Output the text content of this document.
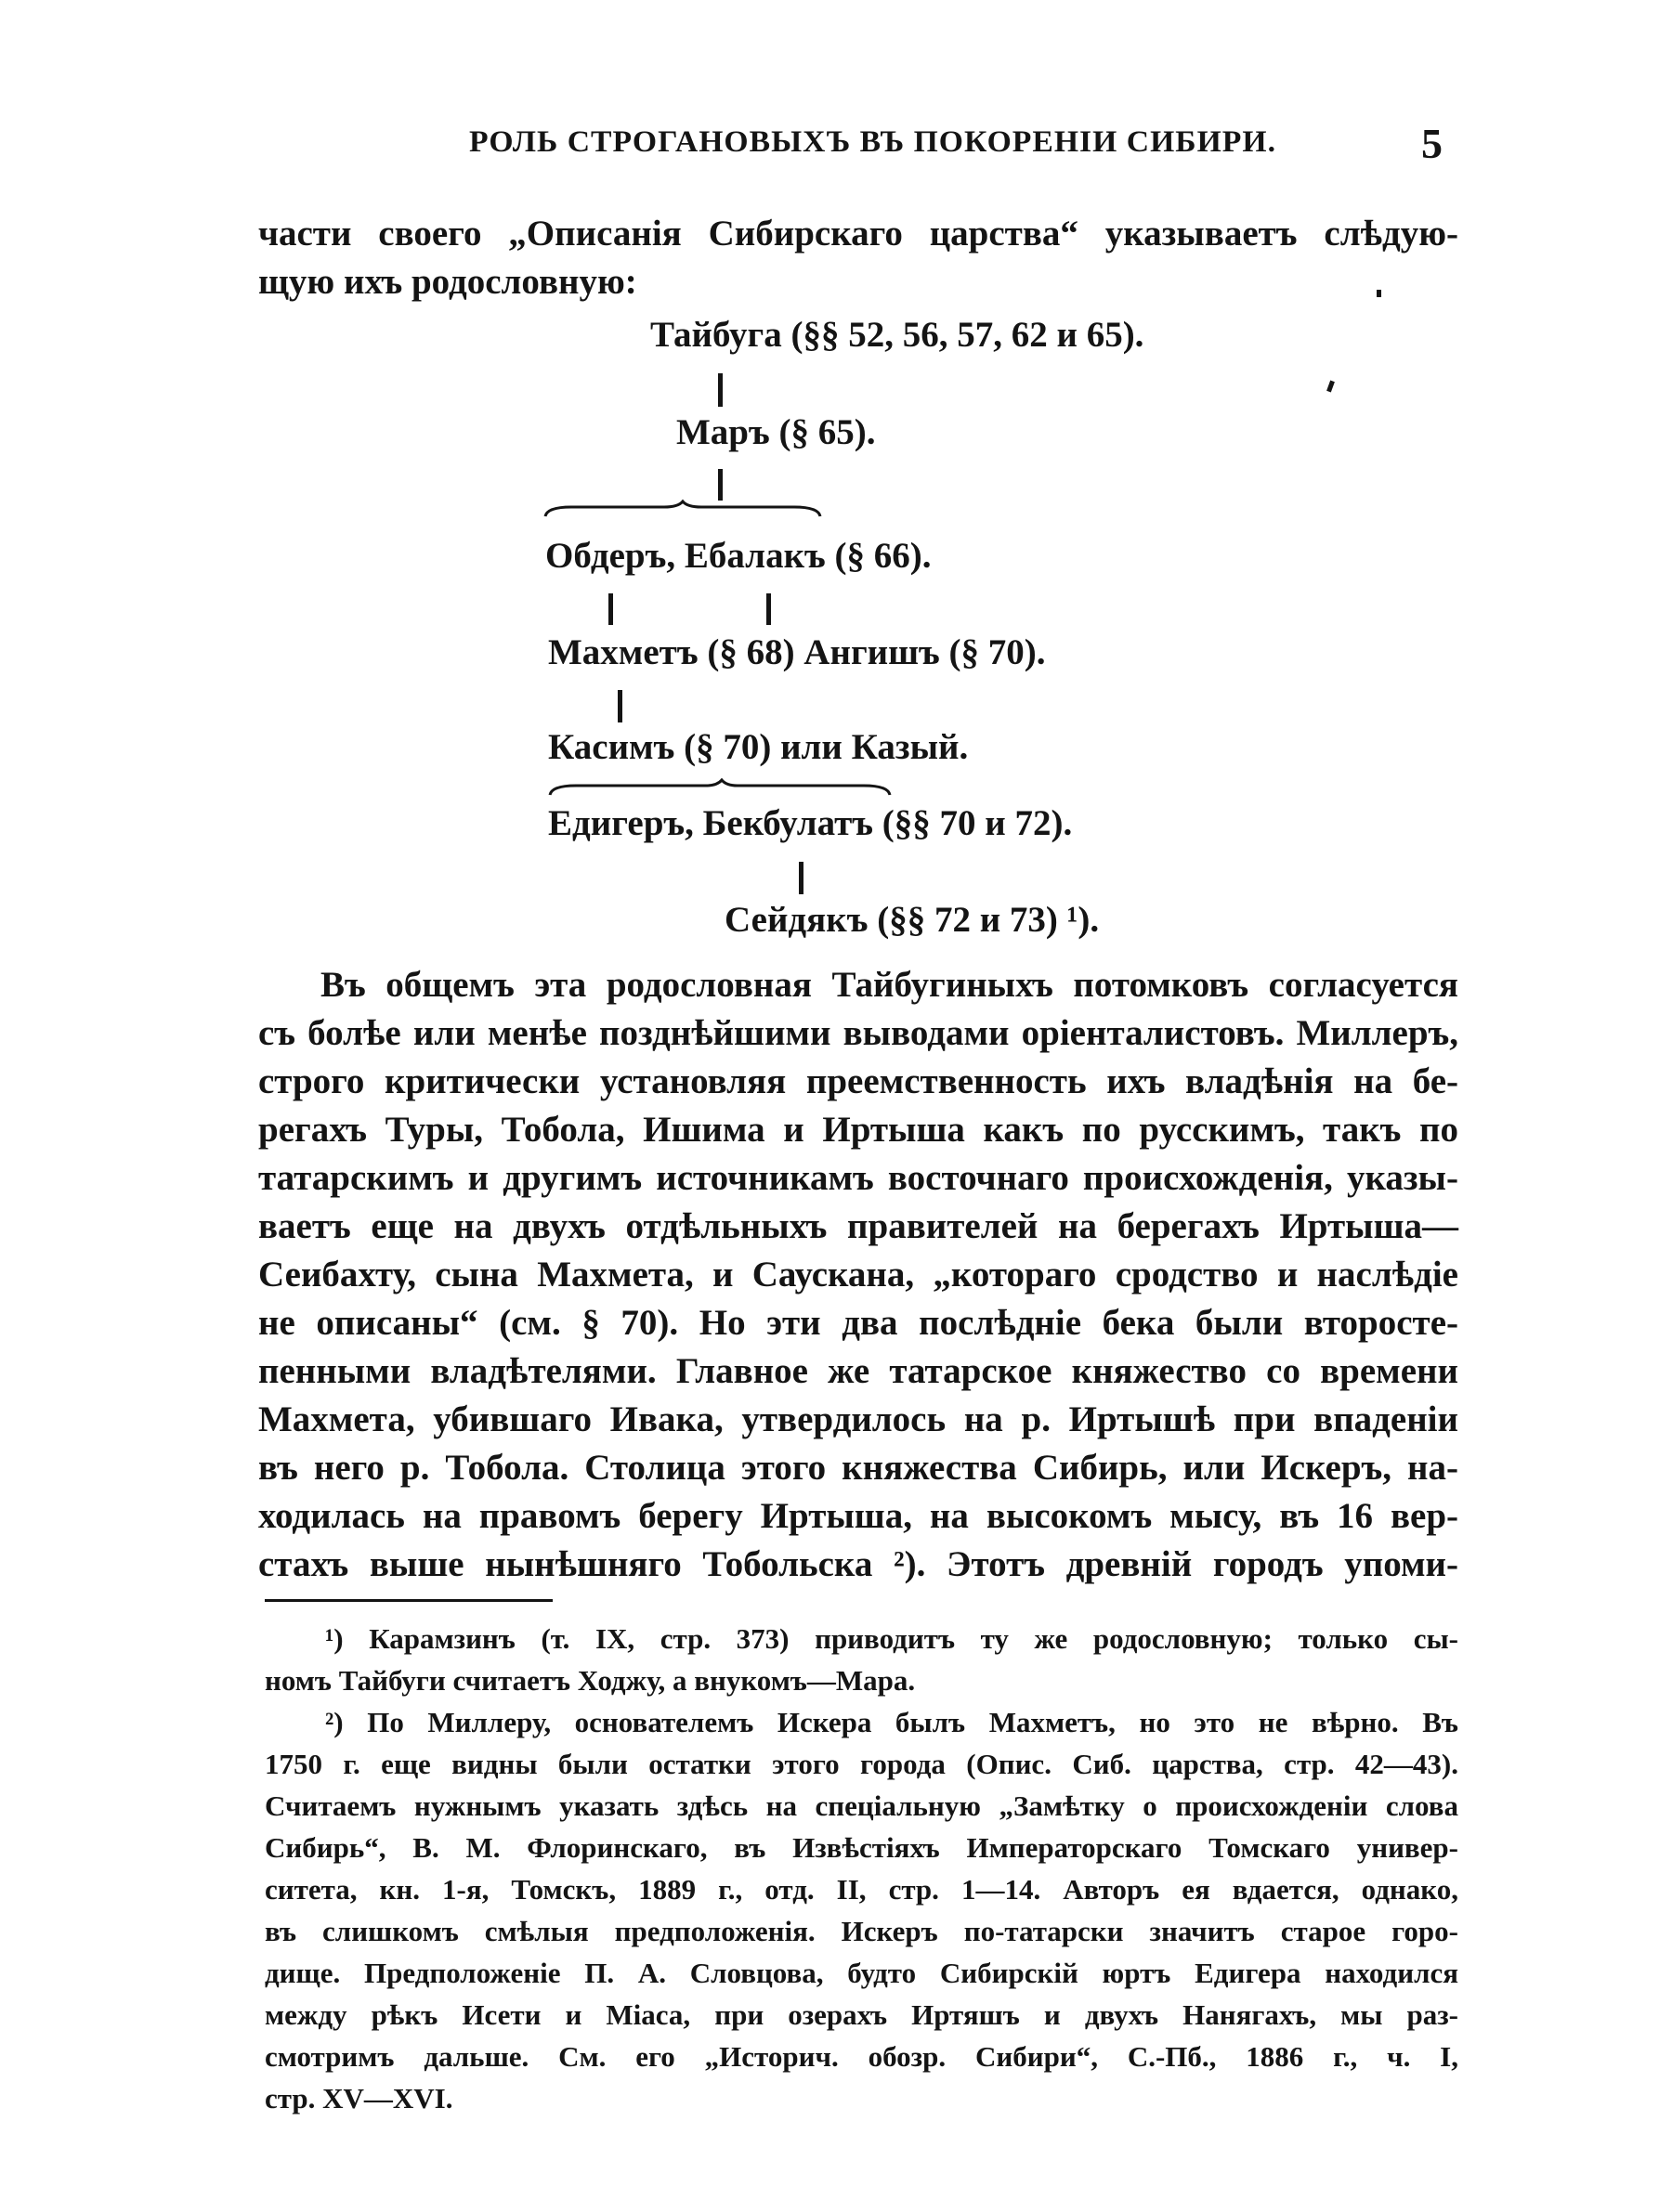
РОЛЬ СТРОГАНОВЫХЪ ВЪ ПОКОРЕНІИ СИБИРИ.	5
части своего „Описанія Сибирскаго царства“ указываетъ слѣдую-
щую ихъ родословную:
Тайбуга (§§ 52, 56, 57, 62 и 65).
Маръ (§ 65).
Обдеръ, Ебалакъ (§ 66).
Махметъ (§ 68) Ангишъ (§ 70).
Касимъ (§ 70) или Казый.
Едигеръ, Бекбулатъ (§§ 70 и 72).
Сейдякъ (§§ 72 и 73) ¹).
Въ общемъ эта родословная Тайбугиныхъ потомковъ согласуется
съ болѣе или менѣе позднѣйшими выводами оріенталистовъ. Миллеръ,
строго критически установляя преемственность ихъ владѣнія на бе-
регахъ Туры, Тобола, Ишима и Иртыша какъ по русскимъ, такъ по
татарскимъ и другимъ источникамъ восточнаго происхожденія, указы-
ваетъ еще на двухъ отдѣльныхъ правителей на берегахъ Иртыша—
Сеибахту, сына Махмета, и Саускана, „котораго сродство и наслѣдіе
не описаны“ (см. § 70). Но эти два послѣдніе бека были второсте-
пенными владѣтелями. Главное же татарское княжество со времени
Махмета, убившаго Ивака, утвердилось на р. Иртышѣ при впаденіи
въ него р. Тобола. Столица этого княжества Сибирь, или Искеръ, на-
ходилась на правомъ берегу Иртыша, на высокомъ мысу, въ 16 вер-
стахъ выше нынѣшняго Тобольска ²). Этотъ древній городъ упоми-
¹) Карамзинъ (т. IX, стр. 373) приводитъ ту же родословную; только сы-
номъ Тайбуги считаетъ Ходжу, а внукомъ—Мара.
²) По Миллеру, основателемъ Искера былъ Махметъ, но это не вѣрно. Въ
1750 г. еще видны были остатки этого города (Опис. Сиб. царства, стр. 42—43).
Считаемъ нужнымъ указать здѣсь на спеціальную „Замѣтку о происхожденіи слова
Сибирь“, В. М. Флоринскаго, въ Извѣстіяхъ Императорскаго Томскаго универ-
ситета, кн. 1-я, Томскъ, 1889 г., отд. II, стр. 1—14. Авторъ ея вдается, однако,
въ слишкомъ смѣлыя предположенія. Искеръ по-татарски значитъ старое горо-
дище. Предположеніе П. А. Словцова, будто Сибирскій юртъ Едигера находился
между рѣкъ Исети и Міаса, при озерахъ Иртяшъ и двухъ Нанягахъ, мы раз-
смотримъ дальше. См. его „Историч. обозр. Сибири“, С.-Пб., 1886 г., ч. I,
стр. XV—XVI.
